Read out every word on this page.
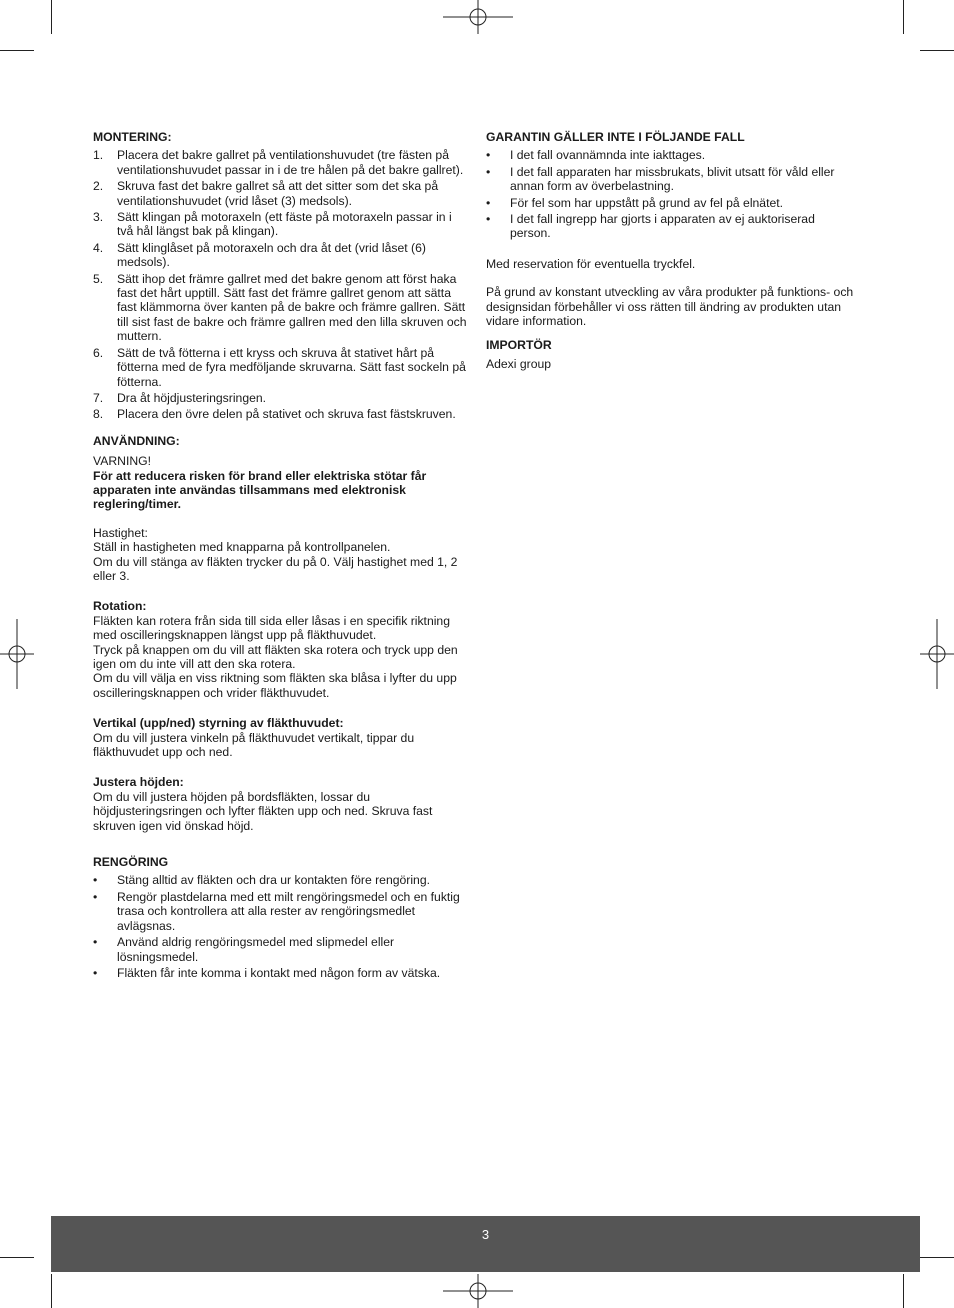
MONTERING:

1. Placera det bakre gallret på ventilationshuvudet (tre fästen på ventilationshuvudet passar in i de tre hålen på det bakre gallret).
2. Skruva fast det bakre gallret så att det sitter som det ska på ventilationshuvudet (vrid låset (3) medsols).
3. Sätt klingan på motoraxeln (ett fäste på motoraxeln passar in i två hål längst bak på klingan).
4. Sätt klinglåset på motoraxeln och dra åt det (vrid låset (6) medsols).
5. Sätt ihop det främre gallret med det bakre genom att först haka fast det hårt upptill. Sätt fast det främre gallret genom att sätta fast klämmorna över kanten på de bakre och främre gallren. Sätt till sist fast de bakre och främre gallren med den lilla skruven och muttern.
6. Sätt de två fötterna i ett kryss och skruva åt stativet hårt på fötterna med de fyra medföljande skruvarna. Sätt fast sockeln på fötterna.
7. Dra åt höjdjusteringsringen.
8. Placera den övre delen på stativet och skruva fast fästskruven.

ANVÄNDNING:

VARNING!

För att reducera risken för brand eller elektriska stötar får apparaten inte användas tillsammans med elektronisk reglering/timer.

Hastighet:

Ställ in hastigheten med knapparna på kontrollpanelen.

Om du vill stänga av fläkten trycker du på 0. Välj hastighet med 1, 2 eller 3.

Rotation:

Fläkten kan rotera från sida till sida eller låsas i en specifik riktning med oscilleringsknappen längst upp på fläkthuvudet.

Tryck på knappen om du vill att fläkten ska rotera och tryck upp den igen om du inte vill att den ska rotera.

Om du vill välja en viss riktning som fläkten ska blåsa i lyfter du upp oscilleringsknappen och vrider fläkthuvudet.

Vertikal (upp/ned) styrning av fläkthuvudet:

Om du vill justera vinkeln på fläkthuvudet vertikalt, tippar du fläkthuvudet upp och ned.

Justera höjden:

Om du vill justera höjden på bordsfläkten, lossar du höjdjusteringsringen och lyfter fläkten upp och ned. Skruva fast skruven igen vid önskad höjd.

RENGÖRING

• Stäng alltid av fläkten och dra ur kontakten före rengöring.
• Rengör plastdelarna med ett milt rengöringsmedel och en fuktig trasa och kontrollera att alla rester av rengöringsmedlet avlägsnas.
• Använd aldrig rengöringsmedel med slipmedel eller lösningsmedel.
• Fläkten får inte komma i kontakt med någon form av vätska.

GARANTIN GÄLLER INTE I FÖLJANDE FALL

• I det fall ovannämnda inte iakttages.
• I det fall apparaten har missbrukats, blivit utsatt för våld eller annan form av överbelastning.
• För fel som har uppstått på grund av fel på elnätet.
• I det fall ingrepp har gjorts i apparaten av ej auktoriserad person.

Med reservation för eventuella tryckfel.

På grund av konstant utveckling av våra produkter på funktions- och designsidan förbehåller vi oss rätten till ändring av produkten utan vidare information.

IMPORTÖR

Adexi group

3
